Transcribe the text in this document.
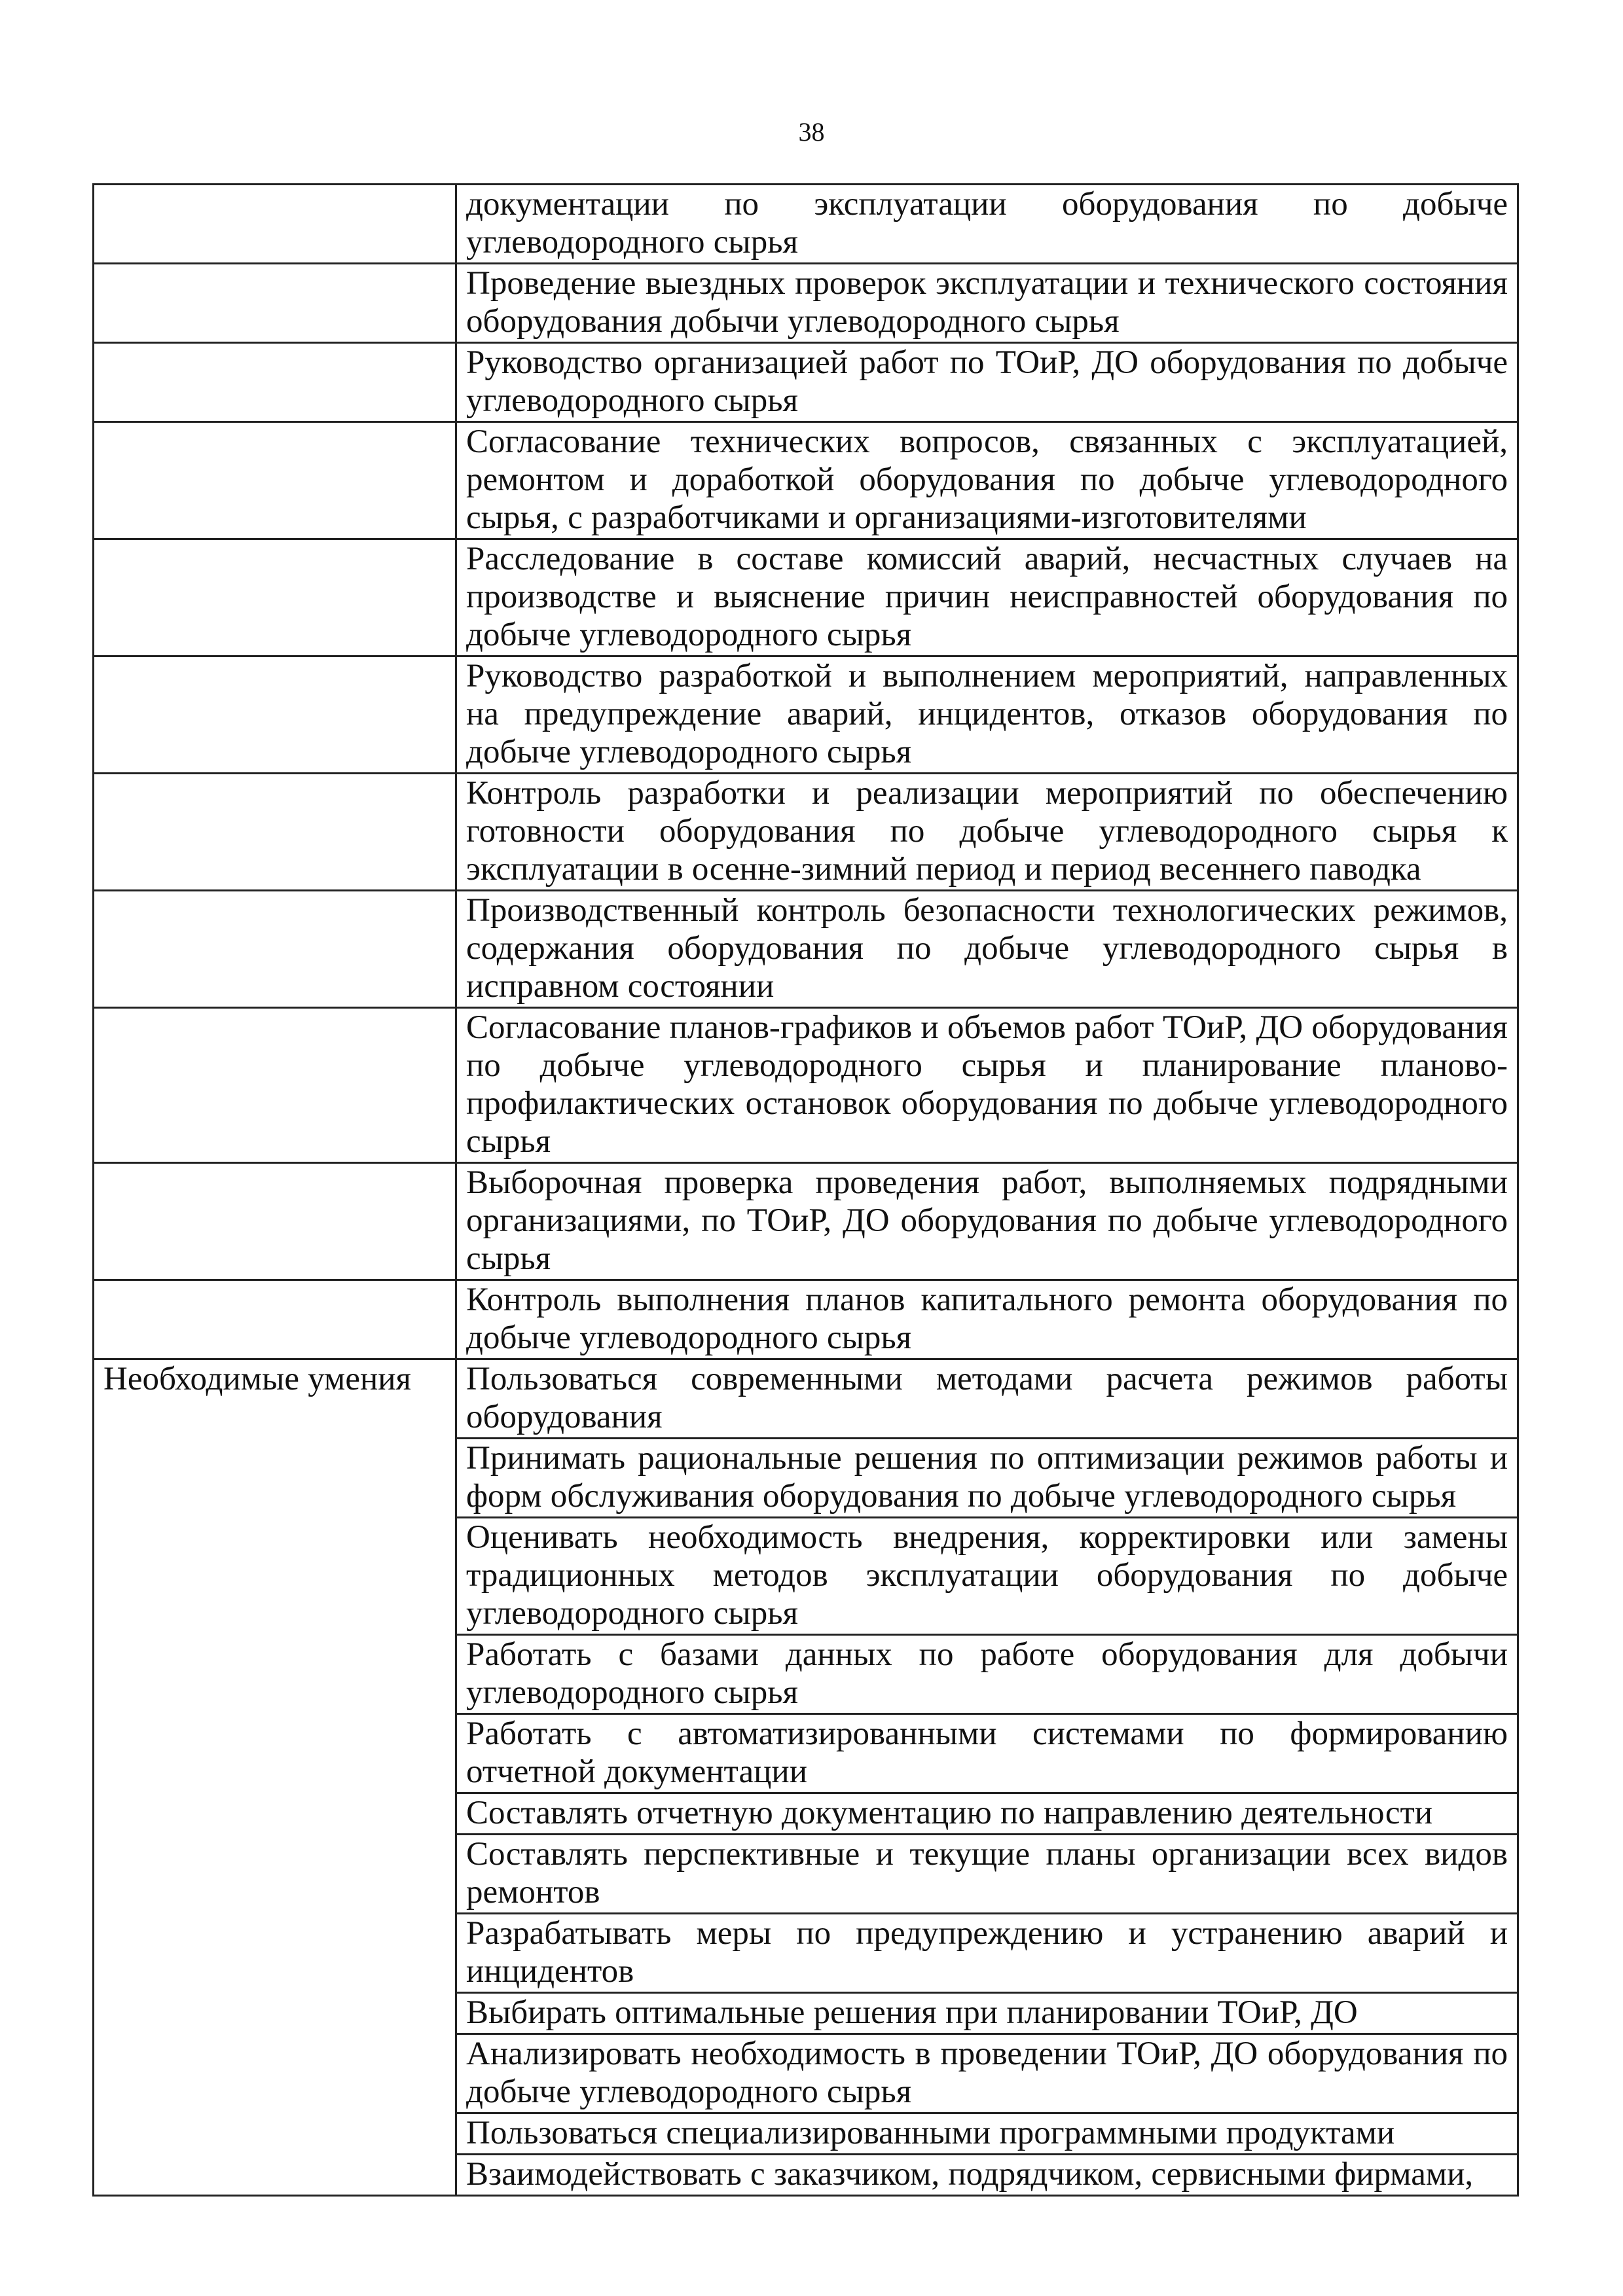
38
	документации по эксплуатации оборудования по добыче углеводородного сырья
	Проведение выездных проверок эксплуатации и технического состояния оборудования добычи углеводородного сырья
	Руководство организацией работ по ТОиР, ДО оборудования по добыче углеводородного сырья
	Согласование технических вопросов, связанных с эксплуатацией, ремонтом и доработкой оборудования по добыче углеводородного сырья, с разработчиками и организациями-изготовителями
	Расследование в составе комиссий аварий, несчастных случаев на производстве и выяснение причин неисправностей оборудования по добыче углеводородного сырья
	Руководство разработкой и выполнением мероприятий, направленных на предупреждение аварий, инцидентов, отказов оборудования по добыче углеводородного сырья
	Контроль разработки и реализации мероприятий по обеспечению готовности оборудования по добыче углеводородного сырья к эксплуатации в осенне-зимний период и период весеннего паводка
	Производственный контроль безопасности технологических режимов, содержания оборудования по добыче углеводородного сырья в исправном состоянии
	Согласование планов-графиков и объемов работ ТОиР, ДО оборудования по добыче углеводородного сырья и планирование планово-профилактических остановок оборудования по добыче углеводородного сырья
	Выборочная проверка проведения работ, выполняемых подрядными организациями, по ТОиР, ДО оборудования по добыче углеводородного сырья
	Контроль выполнения планов капитального ремонта оборудования по добыче углеводородного сырья
Необходимые умения	Пользоваться современными методами расчета режимов работы оборудования
	Принимать рациональные решения по оптимизации режимов работы и форм обслуживания оборудования по добыче углеводородного сырья
	Оценивать необходимость внедрения, корректировки или замены традиционных методов эксплуатации оборудования по добыче углеводородного сырья
	Работать с базами данных по работе оборудования для добычи углеводородного сырья
	Работать с автоматизированными системами по формированию отчетной документации
	Составлять отчетную документацию по направлению деятельности
	Составлять перспективные и текущие планы организации всех видов ремонтов
	Разрабатывать меры по предупреждению и устранению аварий и инцидентов
	Выбирать оптимальные решения при планировании ТОиР, ДО
	Анализировать необходимость в проведении ТОиР, ДО оборудования по добыче углеводородного сырья
	Пользоваться специализированными программными продуктами
	Взаимодействовать с заказчиком, подрядчиком, сервисными фирмами,
